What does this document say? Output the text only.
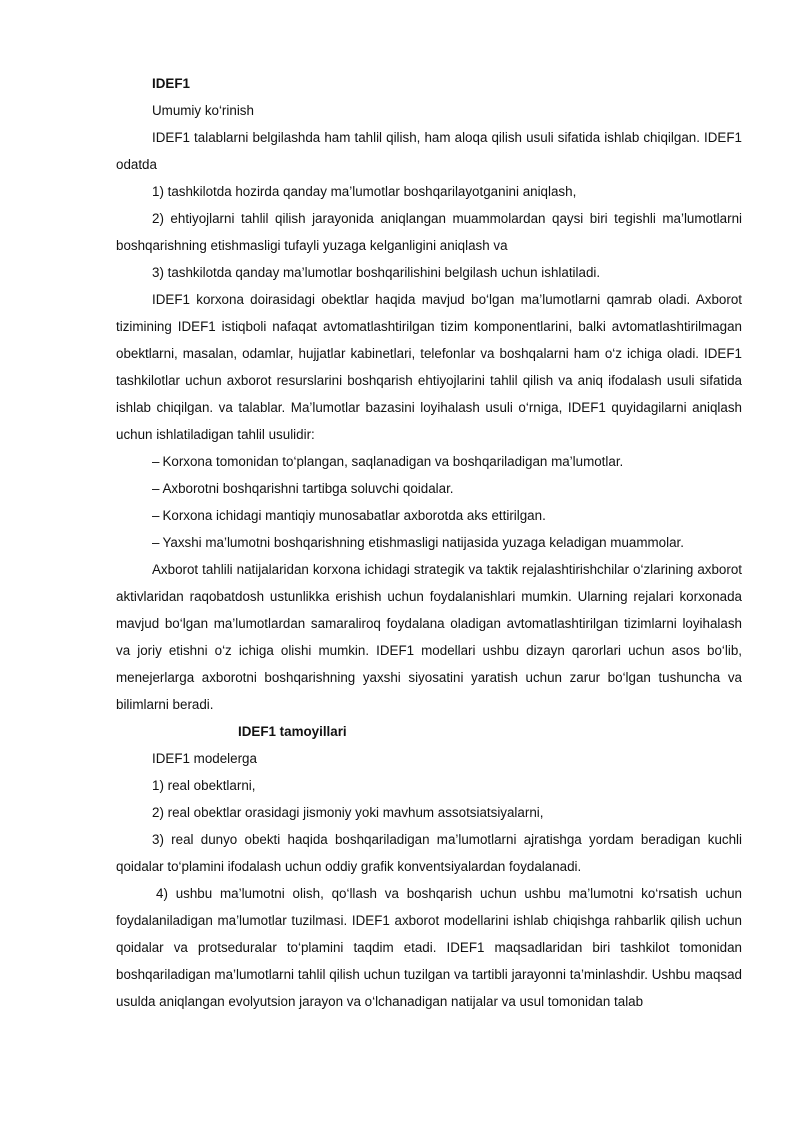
IDEF1

Umumiy ko‘rinish

IDEF1 talablarni belgilashda ham tahlil qilish, ham aloqa qilish usuli sifatida ishlab chiqilgan. IDEF1 odatda

1) tashkilotda hozirda qanday ma’lumotlar boshqarilayotganini aniqlash,

2) ehtiyojlarni tahlil qilish jarayonida aniqlangan muammolardan qaysi biri tegishli ma’lumotlarni boshqarishning etishmasligi tufayli yuzaga kelganligini aniqlash va

3) tashkilotda qanday ma’lumotlar boshqarilishini belgilash uchun ishlatiladi.

IDEF1 korxona doirasidagi obektlar haqida mavjud bo‘lgan ma’lumotlarni qamrab oladi. Axborot tizimining IDEF1 istiqboli nafaqat avtomatlashtirilgan tizim komponentlarini, balki avtomatlashtirilmagan obektlarni, masalan, odamlar, hujjatlar kabinetlari, telefonlar va boshqalarni ham o‘z ichiga oladi. IDEF1 tashkilotlar uchun axborot resurslarini boshqarish ehtiyojlarini tahlil qilish va aniq ifodalash usuli sifatida ishlab chiqilgan. va talablar. Ma’lumotlar bazasini loyihalash usuli o‘rniga, IDEF1 quyidagilarni aniqlash uchun ishlatiladigan tahlil usulidir:

– Korxona tomonidan to‘plangan, saqlanadigan va boshqariladigan ma’lumotlar.

– Axborotni boshqarishni tartibga soluvchi qoidalar.

– Korxona ichidagi mantiqiy munosabatlar axborotda aks ettirilgan.

– Yaxshi ma’lumotni boshqarishning etishmasligi natijasida yuzaga keladigan muammolar.

Axborot tahlili natijalaridan korxona ichidagi strategik va taktik rejalashtirishchilar o‘zlarining axborot aktivlaridan raqobatdosh ustunlikka erishish uchun foydalanishlari mumkin. Ularning rejalari korxonada mavjud bo‘lgan ma’lumotlardan samaraliroq foydalana oladigan avtomatlashtirilgan tizimlarni loyihalash va joriy etishni o‘z ichiga olishi mumkin. IDEF1 modellari ushbu dizayn qarorlari uchun asos bo‘lib, menejerlarga axborotni boshqarishning yaxshi siyosatini yaratish uchun zarur bo‘lgan tushuncha va bilimlarni beradi.

IDEF1 tamoyillari

IDEF1 modelerga

1) real obektlarni,

2) real obektlar orasidagi jismoniy yoki mavhum assotsiatsiyalarni,

3) real dunyo obekti haqida boshqariladigan ma’lumotlarni ajratishga yordam beradigan kuchli qoidalar to‘plamini ifodalash uchun oddiy grafik konventsiyalardan foydalanadi.

4) ushbu ma’lumotni olish, qo‘llash va boshqarish uchun ushbu ma’lumotni ko‘rsatish uchun foydalaniladigan ma’lumotlar tuzilmasi. IDEF1 axborot modellarini ishlab chiqishga rahbarlik qilish uchun qoidalar va protseduralar to‘plamini taqdim etadi. IDEF1 maqsadlaridan biri tashkilot tomonidan boshqariladigan ma’lumotlarni tahlil qilish uchun tuzilgan va tartibli jarayonni ta’minlashdir. Ushbu maqsad usulda aniqlangan evolyutsion jarayon va o‘lchanadigan natijalar va usul tomonidan talab
